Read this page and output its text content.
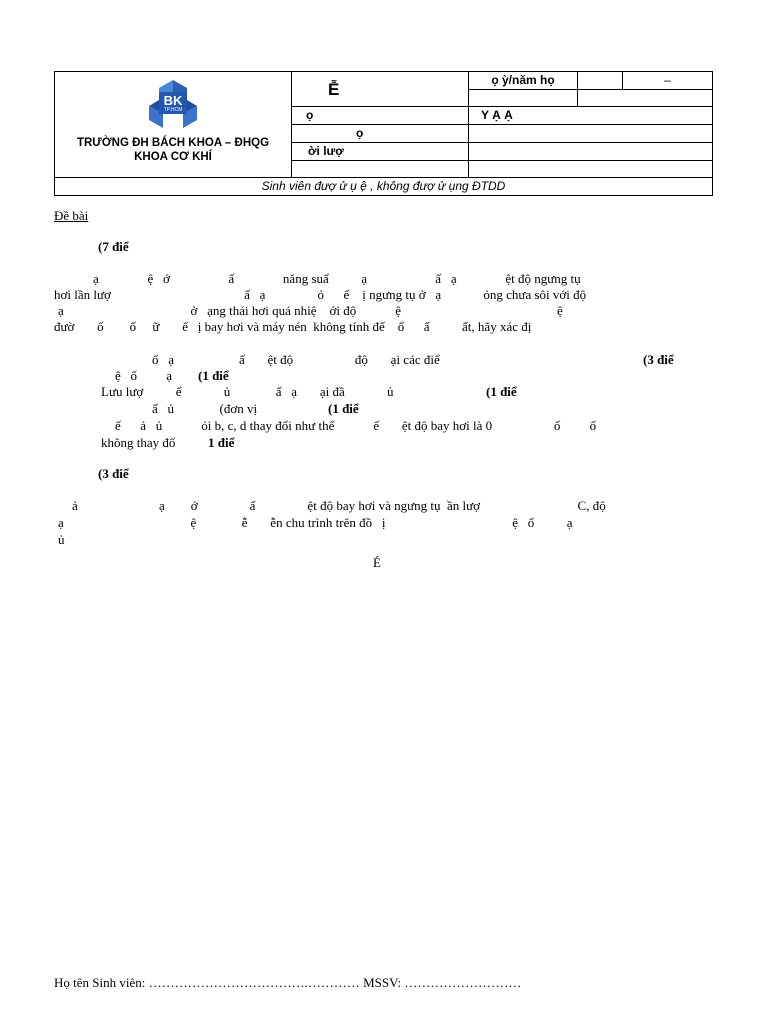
BK
TP.HCM
TRƯỜNG ĐH BÁCH KHOA – ĐHQG
KHOA CƠ KHÍ	Ễ	ọ ỳ/năm họ		–

	ọ	Y Ạ Ạ		
	ọ			
	ời lượ			

Sinh viên đượ ử ụ ệ , không đượ ử ụng ĐTDD				
Đề bài
(7 điể
ạ               ệ   ớ                  ấ               năng suấ          ạ                     ấ   ạ               ệt độ ngưng tụ
hơi lần lượ                                         ấ   ạ                ỏ      ế    ị ngưng tụ ở   ạ             ỏng chưa sôi với độ
ạ                                       ở   ạng thái hơi quá nhiệ    ới độ            ệ                                                ệ
đườ       ố        ố     ữ       ế   ị bay hơi và máy nén  không tính đế    ổ      ấ          ất, hãy xác đị
ố   ạ                    ấ       ệt độ                   độ       ại các điể	(3 điể
ệ   ố         ạ (1 điể
Lưu lượ          ể             ủ              ấ   ạ       ại đầ             ủ	(1 điể
ấ   ủ              (đơn vị	(1 điể
ế      ả   ủ            ỏi b, c, d thay đổi như thế            ế       ệt độ bay hơi là 0                   ố         ố
không thay đổ	1 điể
(3 điể
ả                         ạ        ớ                ấ                ệt độ bay hơi và ngưng tụ  ần lượ                              C, độ
ạ                                       ệ              ễ       ễn chu trình trên đồ   ị                                       ệ   ố          ạ
ủ
É
Họ tên Sinh viên: ……………………………….………… MSSV: ………………………
